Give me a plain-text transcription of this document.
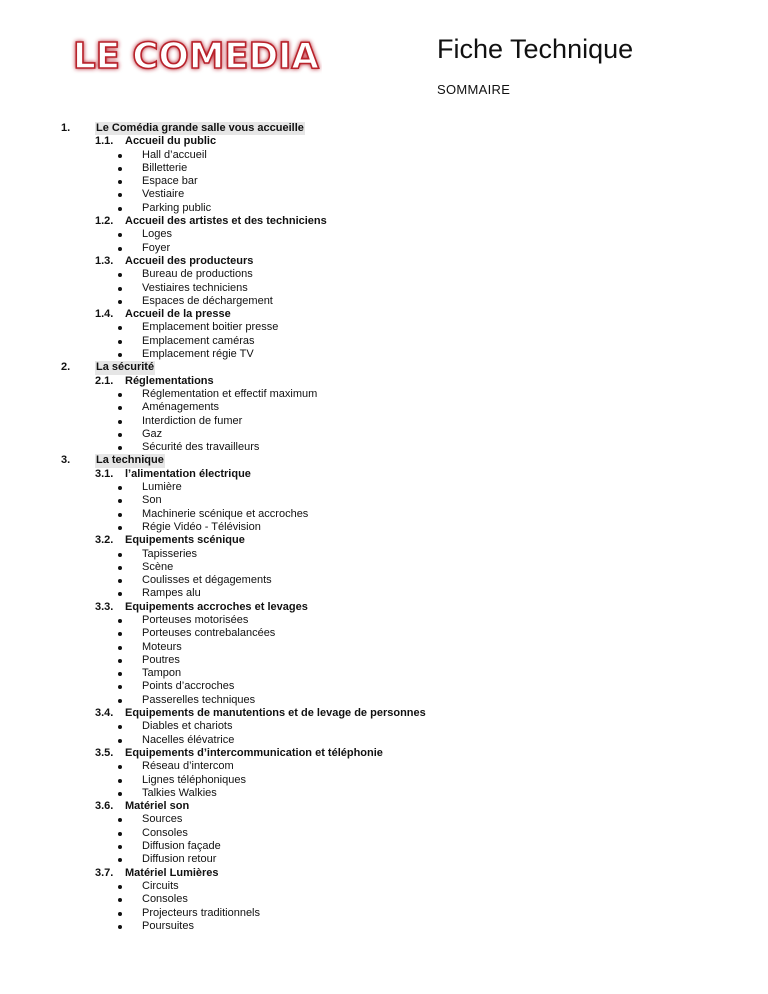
LE COMEDIA	Fiche Technique
SOMMAIRE
1. Le Comédia grande salle vous accueille
1.1. Accueil du public
Hall d’accueil
Billetterie
Espace bar
Vestiaire
Parking public
1.2. Accueil des artistes et des techniciens
Loges
Foyer
1.3. Accueil des producteurs
Bureau de productions
Vestiaires techniciens
Espaces de déchargement
1.4. Accueil de la presse
Emplacement boitier presse
Emplacement caméras
Emplacement régie TV
2. La sécurité
2.1. Réglementations
Réglementation et effectif maximum
Aménagements
Interdiction de fumer
Gaz
Sécurité des travailleurs
3. La technique
3.1. l’alimentation électrique
Lumière
Son
Machinerie scénique et accroches
Régie Vidéo - Télévision
3.2. Equipements scénique
Tapisseries
Scène
Coulisses et dégagements
Rampes alu
3.3. Equipements accroches et levages
Porteuses motorisées
Porteuses contrebalancées
Moteurs
Poutres
Tampon
Points d’accroches
Passerelles techniques
3.4. Equipements de manutentions et de levage de personnes
Diables et chariots
Nacelles élévatrice
3.5. Equipements d’intercommunication et téléphonie
Réseau d’intercom
Lignes téléphoniques
Talkies Walkies
3.6. Matériel son
Sources
Consoles
Diffusion façade
Diffusion retour
3.7. Matériel Lumières
Circuits
Consoles
Projecteurs traditionnels
Poursuites
